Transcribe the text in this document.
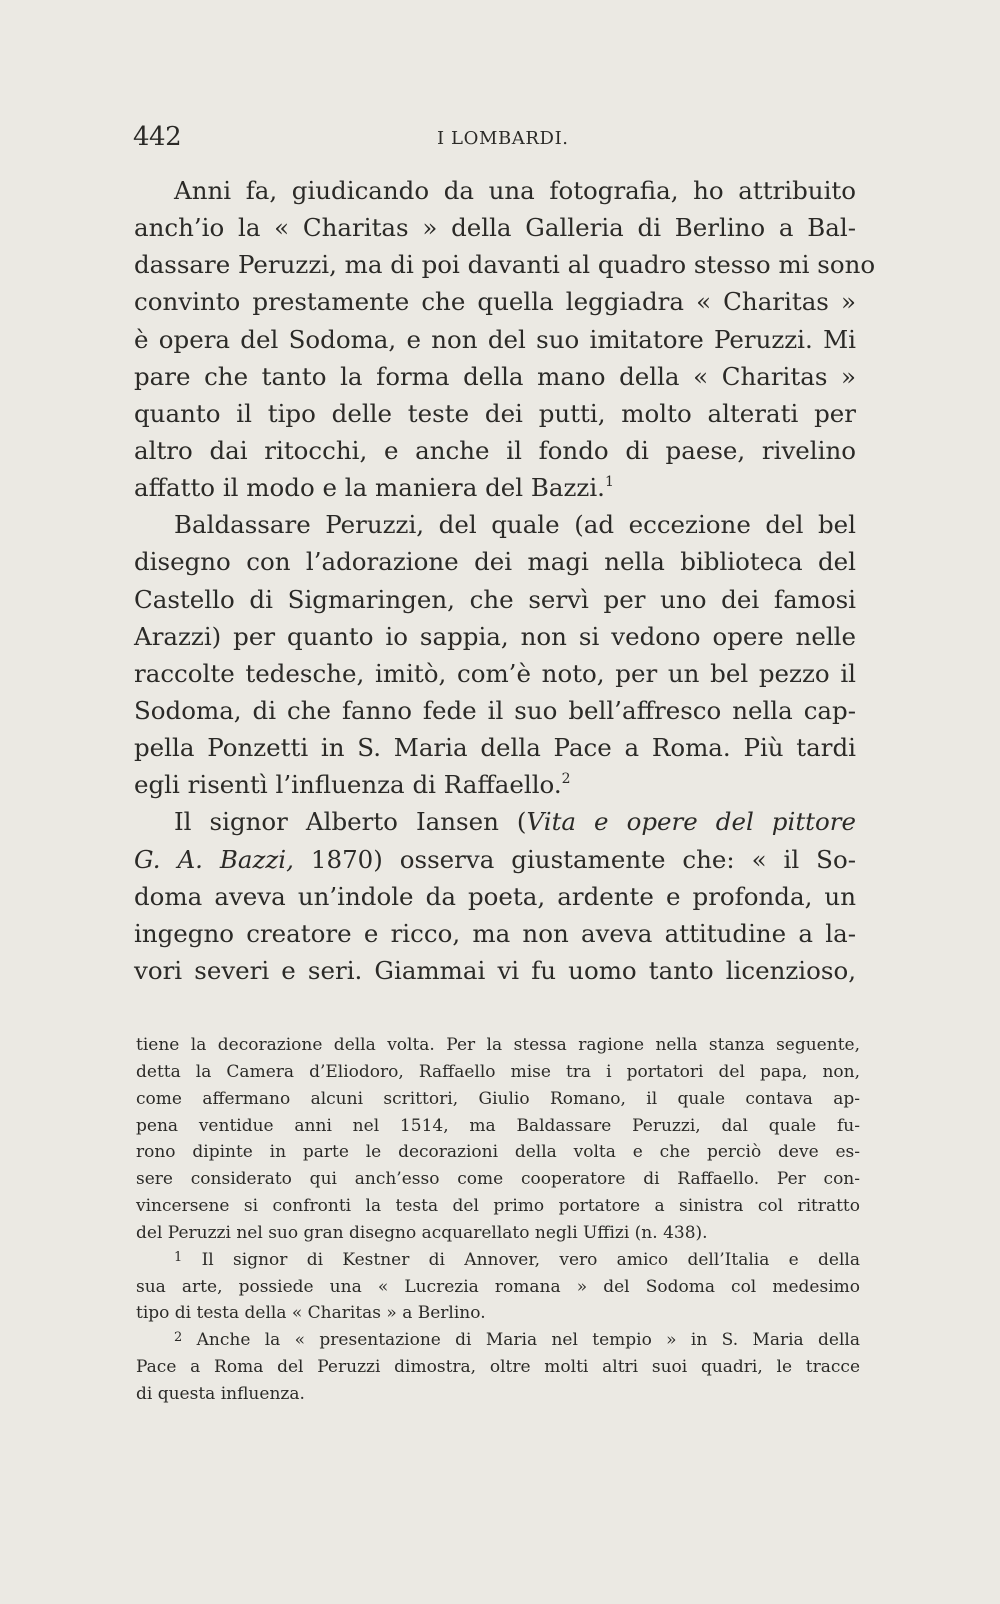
442	I LOMBARDI.
Anni fa, giudicando da una fotografia, ho attribuito
anch’io la « Charitas » della Galleria di Berlino a Bal-
dassare Peruzzi, ma di poi davanti al quadro stesso mi sono
convinto prestamente che quella leggiadra « Charitas »
è opera del Sodoma, e non del suo imitatore Peruzzi. Mi
pare che tanto la forma della mano della « Charitas »
quanto il tipo delle teste dei putti, molto alterati per
altro dai ritocchi, e anche il fondo di paese, rivelino
affatto il modo e la maniera del Bazzi.$^1$
Baldassare Peruzzi, del quale (ad eccezione del bel
disegno con l’adorazione dei magi nella biblioteca del
Castello di Sigmaringen, che servì per uno dei famosi
Arazzi) per quanto io sappia, non si vedono opere nelle
raccolte tedesche, imitò, com’è noto, per un bel pezzo il
Sodoma, di che fanno fede il suo bell’affresco nella cap-
pella Ponzetti in S. Maria della Pace a Roma. Più tardi
egli risentì l’influenza di Raffaello.$^2$
Il signor Alberto Iansen (Vita e opere del pittore
G. A. Bazzi, 1870) osserva giustamente che: « il So-
doma aveva un’indole da poeta, ardente e profonda, un
ingegno creatore e ricco, ma non aveva attitudine a la-
vori severi e seri. Giammai vi fu uomo tanto licenzioso,
tiene la decorazione della volta. Per la stessa ragione nella stanza seguente,
detta la Camera d’Eliodoro, Raffaello mise tra i portatori del papa, non,
come affermano alcuni scrittori, Giulio Romano, il quale contava ap-
pena ventidue anni nel 1514, ma Baldassare Peruzzi, dal quale fu-
rono dipinte in parte le decorazioni della volta e che perciò deve es-
sere considerato qui anch’esso come cooperatore di Raffaello. Per con-
vincersene si confronti la testa del primo portatore a sinistra col ritratto
del Peruzzi nel suo gran disegno acquarellato negli Uffizi (n. 438).
$^1$ Il signor di Kestner di Annover, vero amico dell’Italia e della
sua arte, possiede una « Lucrezia romana » del Sodoma col medesimo
tipo di testa della « Charitas » a Berlino.
$^2$ Anche la « presentazione di Maria nel tempio » in S. Maria della
Pace a Roma del Peruzzi dimostra, oltre molti altri suoi quadri, le tracce
di questa influenza.
